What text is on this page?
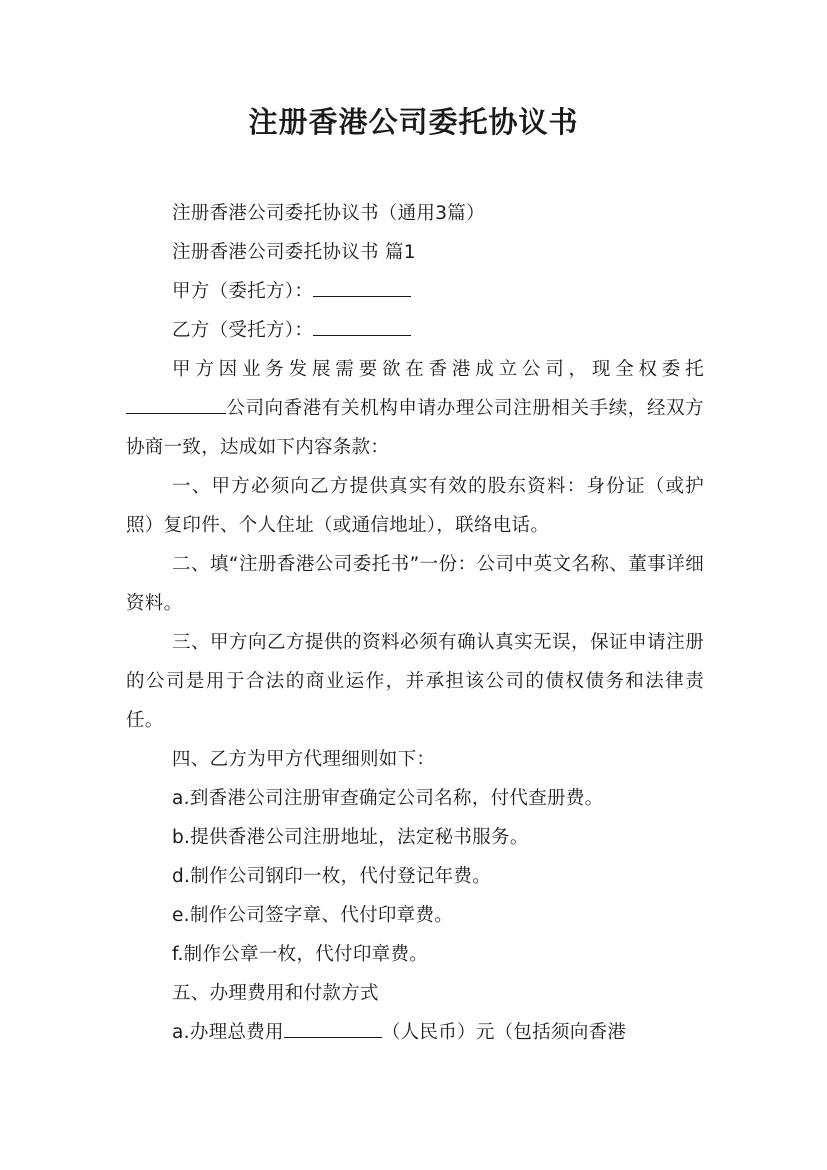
注册香港公司委托协议书

注册香港公司委托协议书（通用3篇）

注册香港公司委托协议书 篇1

甲方（委托方）：

乙方（受托方）：

甲方因业务发展需要欲在香港成立公司，现全权委托公司向香港有关机构申请办理公司注册相关手续，经双方协商一致，达成如下内容条款：

一、甲方必须向乙方提供真实有效的股东资料：身份证（或护照）复印件、个人住址（或通信地址），联络电话。

二、填“注册香港公司委托书”一份：公司中英文名称、董事详细资料。

三、甲方向乙方提供的资料必须有确认真实无误，保证申请注册的公司是用于合法的商业运作，并承担该公司的债权债务和法律责任。

四、乙方为甲方代理细则如下：

a.到香港公司注册审查确定公司名称，付代查册费。

b.提供香港公司注册地址，法定秘书服务。

d.制作公司钢印一枚，代付登记年费。

e.制作公司签字章、代付印章费。

f.制作公章一枚，代付印章费。

五、办理费用和付款方式

a.办理总费用	（人民币）元（包括须向香港
